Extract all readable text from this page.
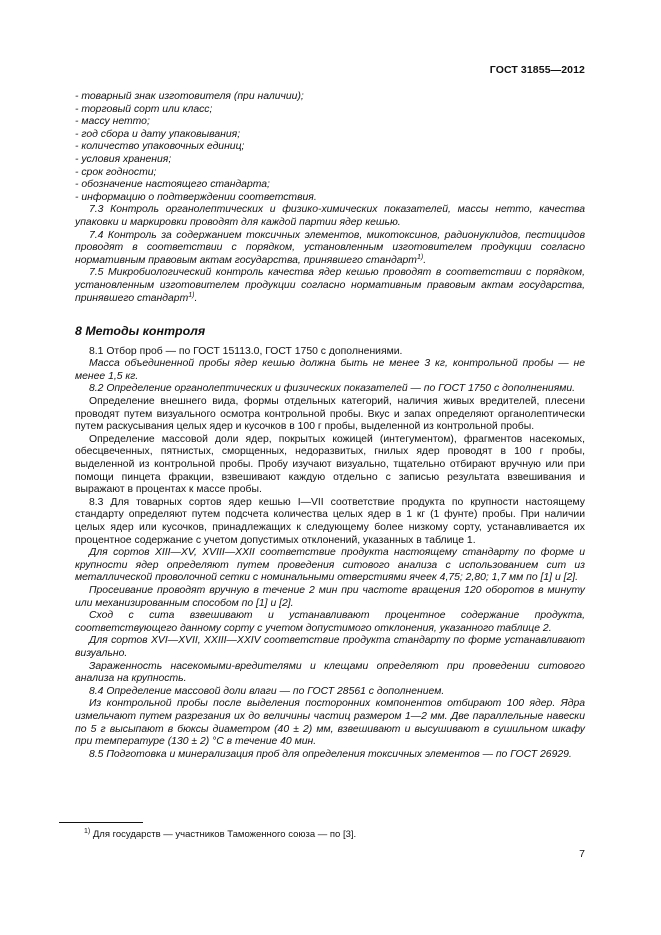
ГОСТ 31855—2012

- товарный знак изготовителя (при наличии);

- торговый сорт или класс;

- массу нетто;

- год сбора и дату упаковывания;

- количество упаковочных единиц;

- условия хранения;

- срок годности;

- обозначение настоящего стандарта;

- информацию о подтверждении соответствия.

7.3 Контроль органолептических и физико-химических показателей, массы нетто, качества упаковки и маркировки проводят для каждой партии ядер кешью.

7.4 Контроль за содержанием токсичных элементов, микотоксинов, радионуклидов, пестицидов проводят в соответствии с порядком, установленным изготовителем продукции согласно нормативным правовым актам государства, принявшего стандарт$^{1)}$.

7.5 Микробиологический контроль качества ядер кешью проводят в соответствии с порядком, установленным изготовителем продукции согласно нормативным правовым актам государства, принявшего стандарт$^{1)}$.

8 Методы контроля

8.1 Отбор проб — по ГОСТ 15113.0, ГОСТ 1750 с дополнениями.

Масса объединенной пробы ядер кешью должна быть не менее 3 кг, контрольной пробы — не менее 1,5 кг.

8.2 Определение органолептических и физических показателей — по ГОСТ 1750 с дополнениями.

Определение внешнего вида, формы отдельных категорий, наличия живых вредителей, плесени проводят путем визуального осмотра контрольной пробы. Вкус и запах определяют органолептически путем раскусывания целых ядер и кусочков в 100 г пробы, выделенной из контрольной пробы.

Определение массовой доли ядер, покрытых кожицей (интегументом), фрагментов насекомых, обесцвеченных, пятнистых, сморщенных, недоразвитых, гнилых ядер проводят в 100 г пробы, выделенной из контрольной пробы. Пробу изучают визуально, тщательно отбирают вручную или при помощи пинцета фракции, взвешивают каждую отдельно с записью результата взвешивания и выражают в процентах к массе пробы.

8.3 Для товарных сортов ядер кешью I—VII соответствие продукта по крупности настоящему стандарту определяют путем подсчета количества целых ядер в 1 кг (1 фунте) пробы. При наличии целых ядер или кусочков, принадлежащих к следующему более низкому сорту, устанавливается их процентное содержание с учетом допустимых отклонений, указанных в таблице 1.

Для сортов XIII—XV, XVIII—XXII соответствие продукта настоящему стандарту по форме и крупности ядер определяют путем проведения ситового анализа с использованием сит из металлической проволочной сетки с номинальными отверстиями ячеек 4,75; 2,80; 1,7 мм по [1] и [2].

Просеивание проводят вручную в течение 2 мин при частоте вращения 120 оборотов в минуту или механизированным способом по [1] и [2].

Сход с сита взвешивают и устанавливают процентное содержание продукта, соответствующего данному сорту с учетом допустимого отклонения, указанного таблице 2.

Для сортов XVI—XVII, XXIII—XXIV соответствие продукта стандарту по форме устанавливают визуально.

Зараженность насекомыми-вредителями и клещами определяют при проведении ситового анализа на крупность.

8.4 Определение массовой доли влаги — по ГОСТ 28561 с дополнением.

Из контрольной пробы после выделения посторонних компонентов отбирают 100 ядер. Ядра измельчают путем разрезания их до величины частиц размером 1—2 мм. Две параллельные навески по 5 г высыпают в бюксы диаметром (40 ± 2) мм, взвешивают и высушивают в сушильном шкафу при температуре (130 ± 2) °С в течение 40 мин.

8.5 Подготовка и минерализация проб для определения токсичных элементов — по ГОСТ 26929.

$^{1)}$ Для государств — участников Таможенного союза — по [3].
7
